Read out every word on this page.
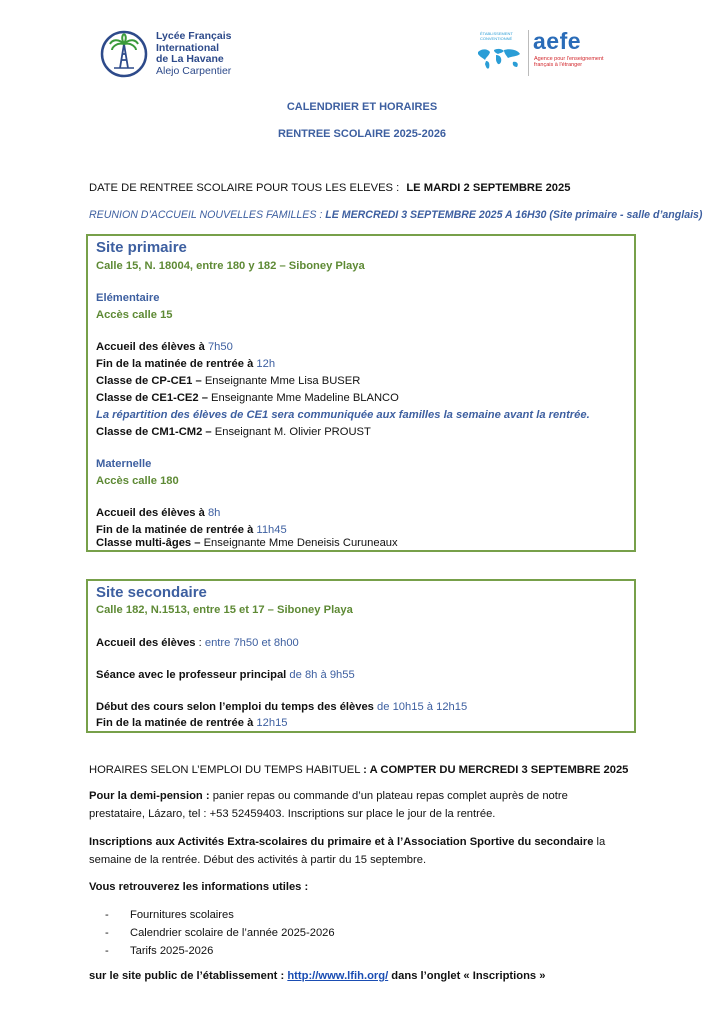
Lycée Français
International
de La Havane
Alejo Carpentier
ÉTABLISSEMENT CONVENTIONNÉ aefe
Agence pour l'enseignement français à l'étranger
CALENDRIER ET HORAIRES
RENTREE SCOLAIRE 2025-2026
DATE DE RENTREE SCOLAIRE POUR TOUS LES ELEVES : LE MARDI 2 SEPTEMBRE 2025
REUNION D’ACCUEIL NOUVELLES FAMILLES : LE MERCREDI 3 SEPTEMBRE 2025 A 16H30 (Site primaire - salle d’anglais)
Site primaire
Calle 15, N. 18004, entre 180 y 182 – Siboney Playa
Elémentaire
Accès calle 15
Accueil des élèves à 7h50
Fin de la matinée de rentrée à 12h
Classe de CP-CE1 – Enseignante Mme Lisa BUSER
Classe de CE1-CE2 – Enseignante Mme Madeline BLANCO
La répartition des élèves de CE1 sera communiquée aux familles la semaine avant la rentrée.
Classe de CM1-CM2 – Enseignant M. Olivier PROUST
Maternelle
Accès calle 180
Accueil des élèves à 8h
Fin de la matinée de rentrée à 11h45
Classe multi-âges – Enseignante Mme Deneisis Curuneaux
Site secondaire
Calle 182, N.1513, entre 15 et 17 – Siboney Playa
Accueil des élèves : entre 7h50 et 8h00
Séance avec le professeur principal de 8h à 9h55
Début des cours selon l’emploi du temps des élèves de 10h15 à 12h15
Fin de la matinée de rentrée à 12h15
HORAIRES SELON L’EMPLOI DU TEMPS HABITUEL : A COMPTER DU MERCREDI 3 SEPTEMBRE 2025
Pour la demi-pension : panier repas ou commande d’un plateau repas complet auprès de notre
prestataire, Lázaro, tel : +53 52459403. Inscriptions sur place le jour de la rentrée.
Inscriptions aux Activités Extra-scolaires du primaire et à l’Association Sportive du secondaire la
semaine de la rentrée. Début des activités à partir du 15 septembre.
Vous retrouverez les informations utiles :
- Fournitures scolaires
- Calendrier scolaire de l’année 2025-2026
- Tarifs 2025-2026
sur le site public de l’établissement : http://www.lfih.org/ dans l’onglet « Inscriptions »
